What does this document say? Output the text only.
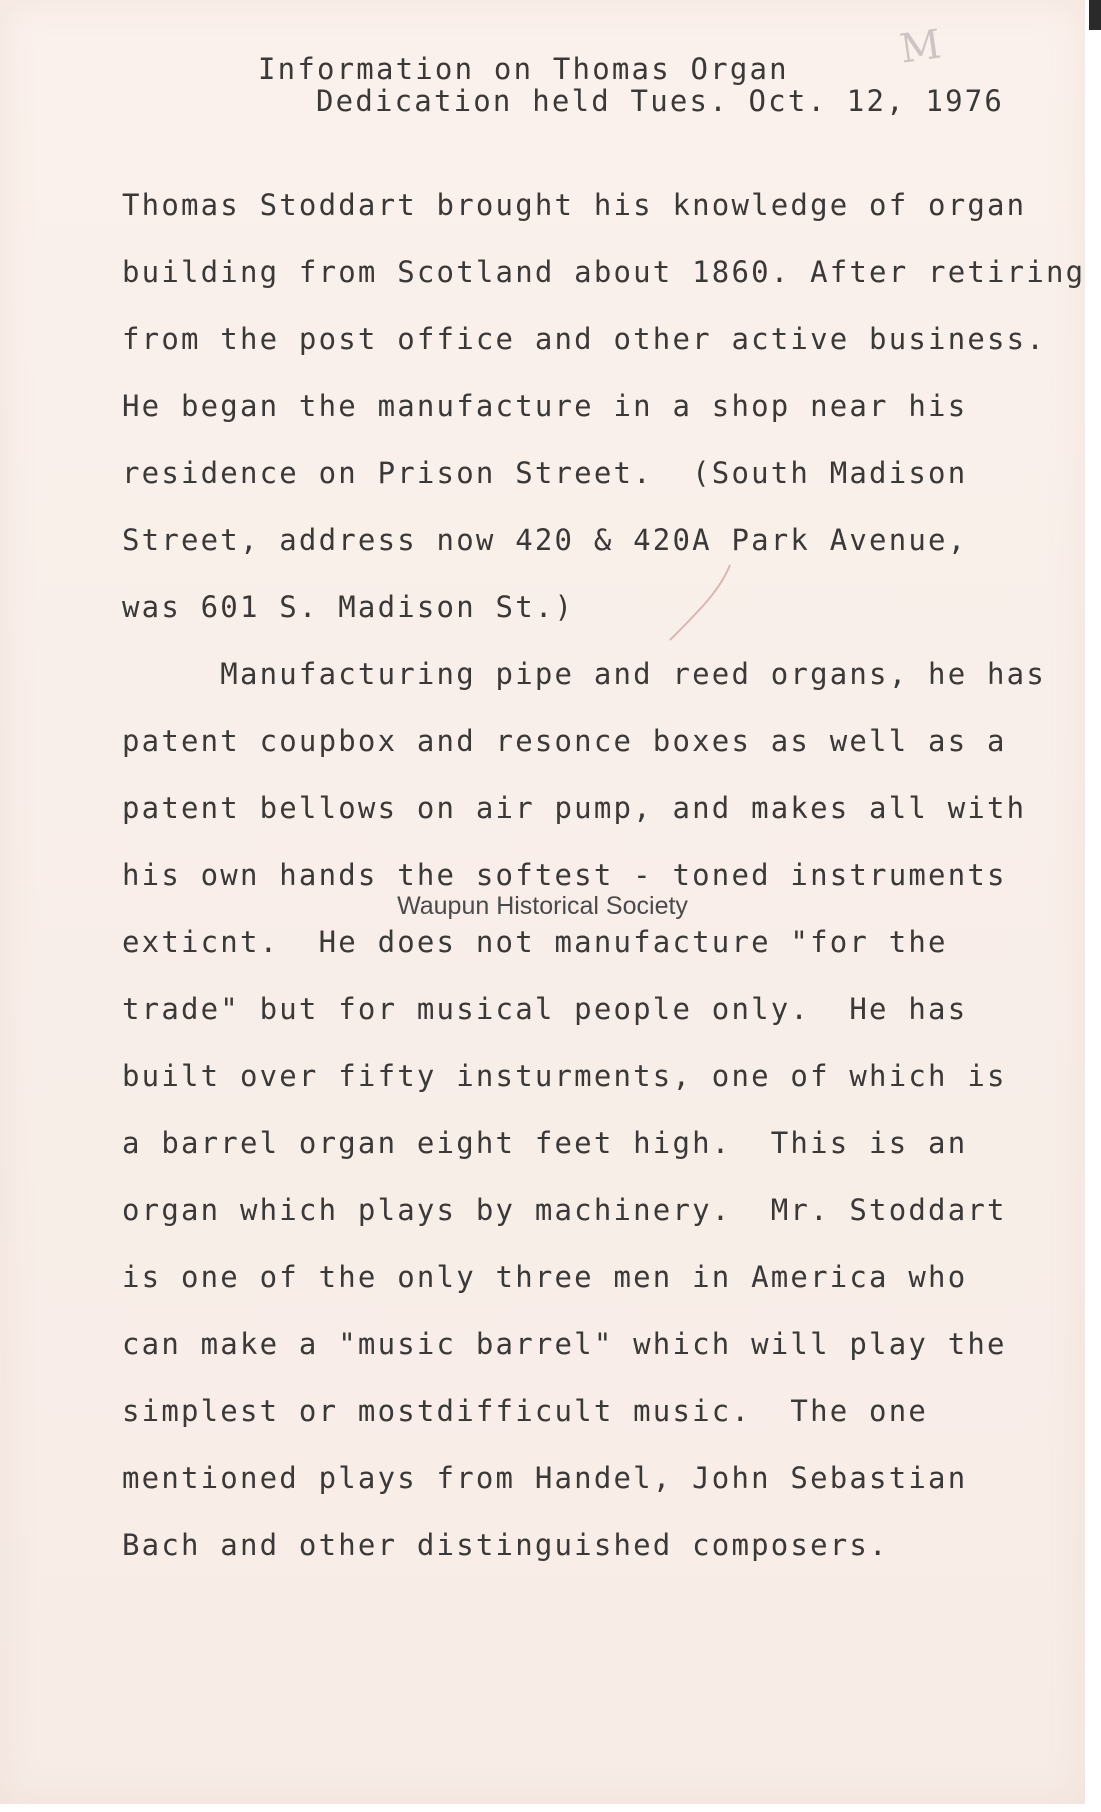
Information on Thomas Organ
Dedication held Tues. Oct. 12, 1976
M
Thomas Stoddart brought his knowledge of organ
building from Scotland about 1860. After retiring
from the post office and other active business.
He began the manufacture in a shop near his
residence on Prison Street.  (South Madison
Street, address now 420 & 420A Park Avenue,
was 601 S. Madison St.)
Manufacturing pipe and reed organs, he has
patent coupbox and resonce boxes as well as a
patent bellows on air pump, and makes all with
his own hands the softest - toned instruments
exticnt.  He does not manufacture "for the
trade" but for musical people only.  He has
built over fifty insturments, one of which is
a barrel organ eight feet high.  This is an
organ which plays by machinery.  Mr. Stoddart
is one of the only three men in America who
can make a "music barrel" which will play the
simplest or mostdifficult music.  The one
mentioned plays from Handel, John Sebastian
Bach and other distinguished composers.
Waupun Historical Society
